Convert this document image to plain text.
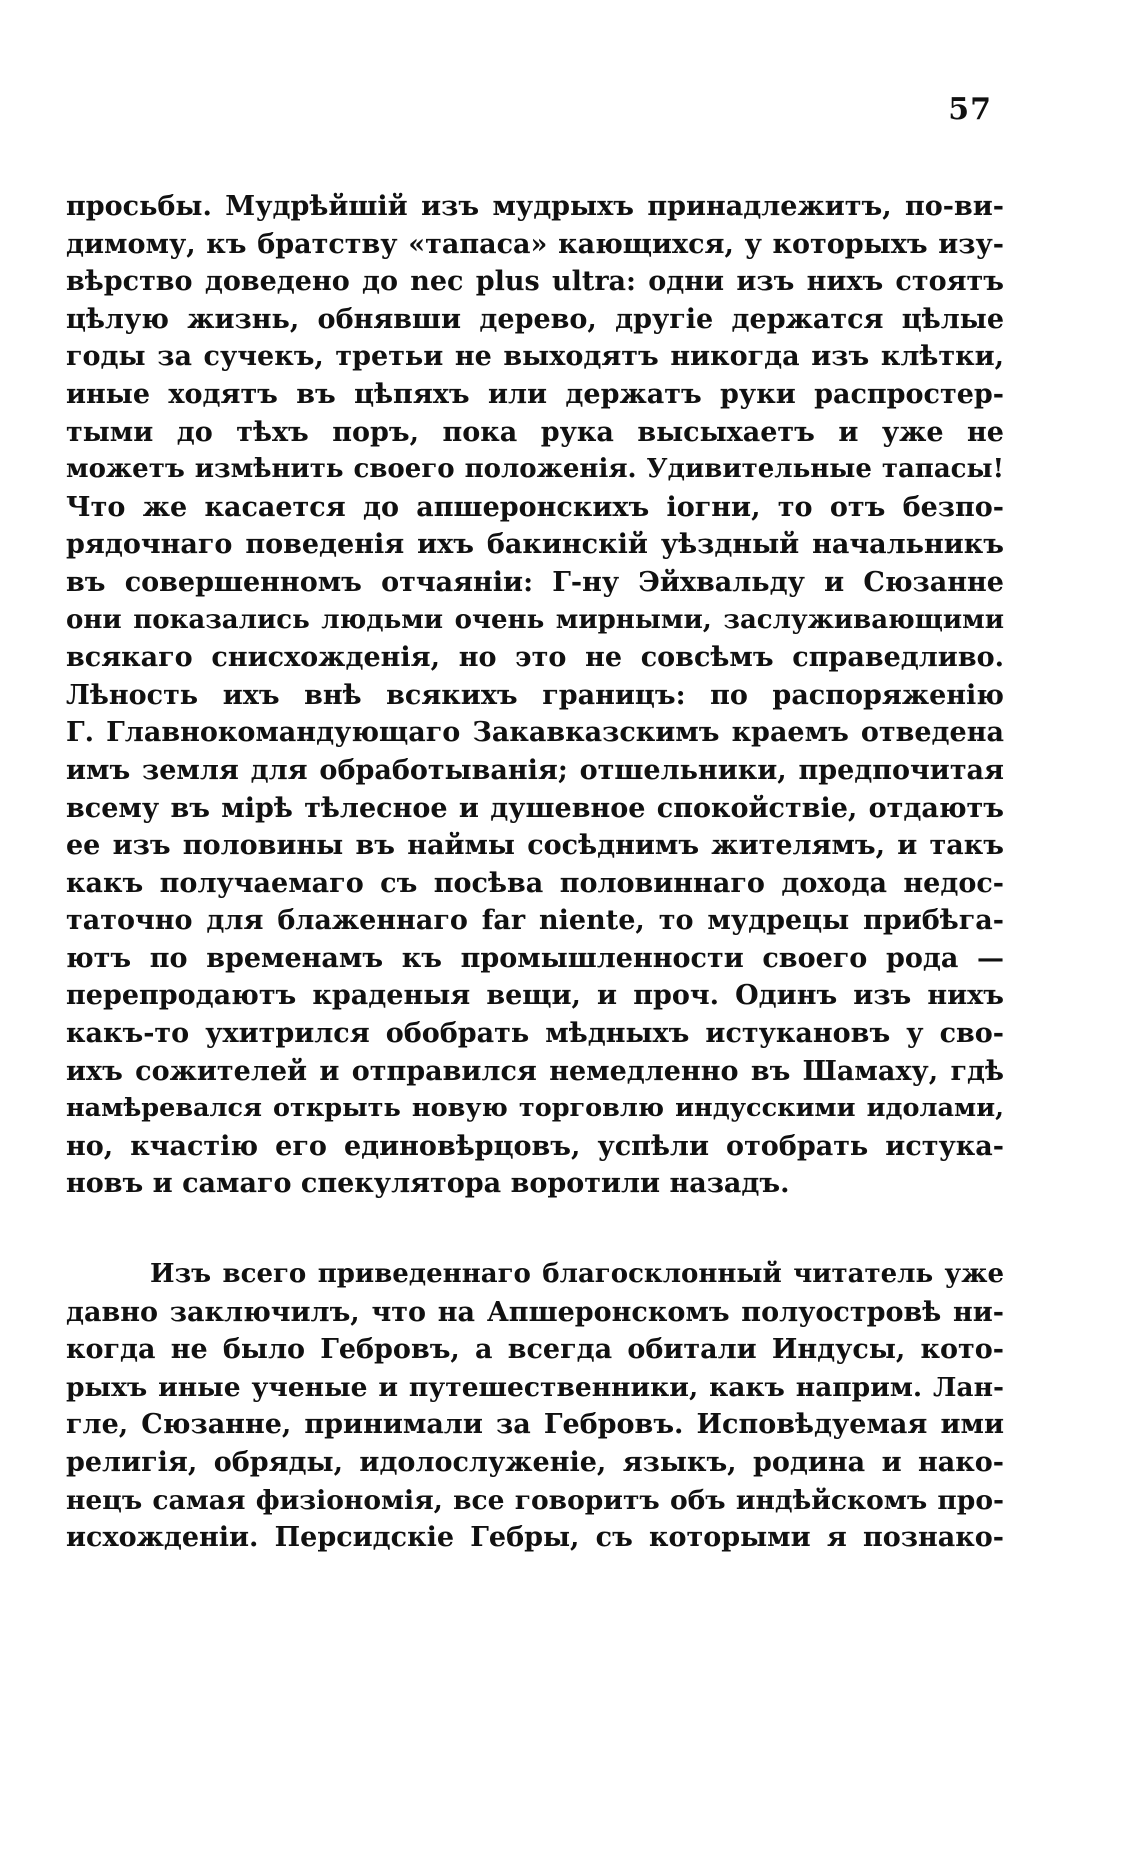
57
просьбы. Мудрѣйшій изъ мудрыхъ принадлежитъ, по-ви-
димому, къ братству «тапаса» кающихся, у которыхъ изу-
вѣрство доведено до nec plus ultra: одни изъ нихъ стоятъ
цѣлую жизнь, обнявши дерево, другіе держатся цѣлые
годы за сучекъ, третьи не выходятъ никогда изъ клѣтки,
иные ходятъ въ цѣпяхъ или держатъ руки распростер-
тыми до тѣхъ поръ, пока рука высыхаетъ и уже не
можетъ измѣнить своего положенія. Удивительные тапасы!
Что же касается до апшеронскихъ іогни, то отъ безпо-
рядочнаго поведенія ихъ бакинскій уѣздный начальникъ
въ совершенномъ отчаяніи: Г-ну Эйхвальду и Сюзанне
они показались людьми очень мирными, заслуживающими
всякаго снисхожденія, но это не совсѣмъ справедливо.
Лѣность ихъ внѣ всякихъ границъ: по распоряженію
Г. Главнокомандующаго Закавказскимъ краемъ отведена
имъ земля для обработыванія; отшельники, предпочитая
всему въ мірѣ тѣлесное и душевное спокойствіе, отдаютъ
ее изъ половины въ наймы сосѣднимъ жителямъ, и такъ
какъ получаемаго съ посѣва половиннаго дохода недос-
таточно для блаженнаго far niente, то мудрецы прибѣга-
ютъ по временамъ къ промышленности своего рода —
перепродаютъ краденыя вещи, и проч. Одинъ изъ нихъ
какъ-то ухитрился обобрать мѣдныхъ истукановъ у сво-
ихъ сожителей и отправился немедленно въ Шамаху, гдѣ
намѣревался открыть новую торговлю индусскими идолами,
но, кчастію его единовѣрцовъ, успѣли отобрать истука-
новъ и самаго спекулятора воротили назадъ.
Изъ всего приведеннаго благосклонный читатель уже
давно заключилъ, что на Апшеронскомъ полуостровѣ ни-
когда не было Гебровъ, а всегда обитали Индусы, кото-
рыхъ иные ученые и путешественники, какъ наприм. Лан-
гле, Сюзанне, принимали за Гебровъ. Исповѣдуемая ими
религія, обряды, идолослуженіе, языкъ, родина и нако-
нецъ самая физіономія, все говоритъ объ индѣйскомъ про-
исхожденіи. Персидскіе Гебры, съ которыми я познако-
